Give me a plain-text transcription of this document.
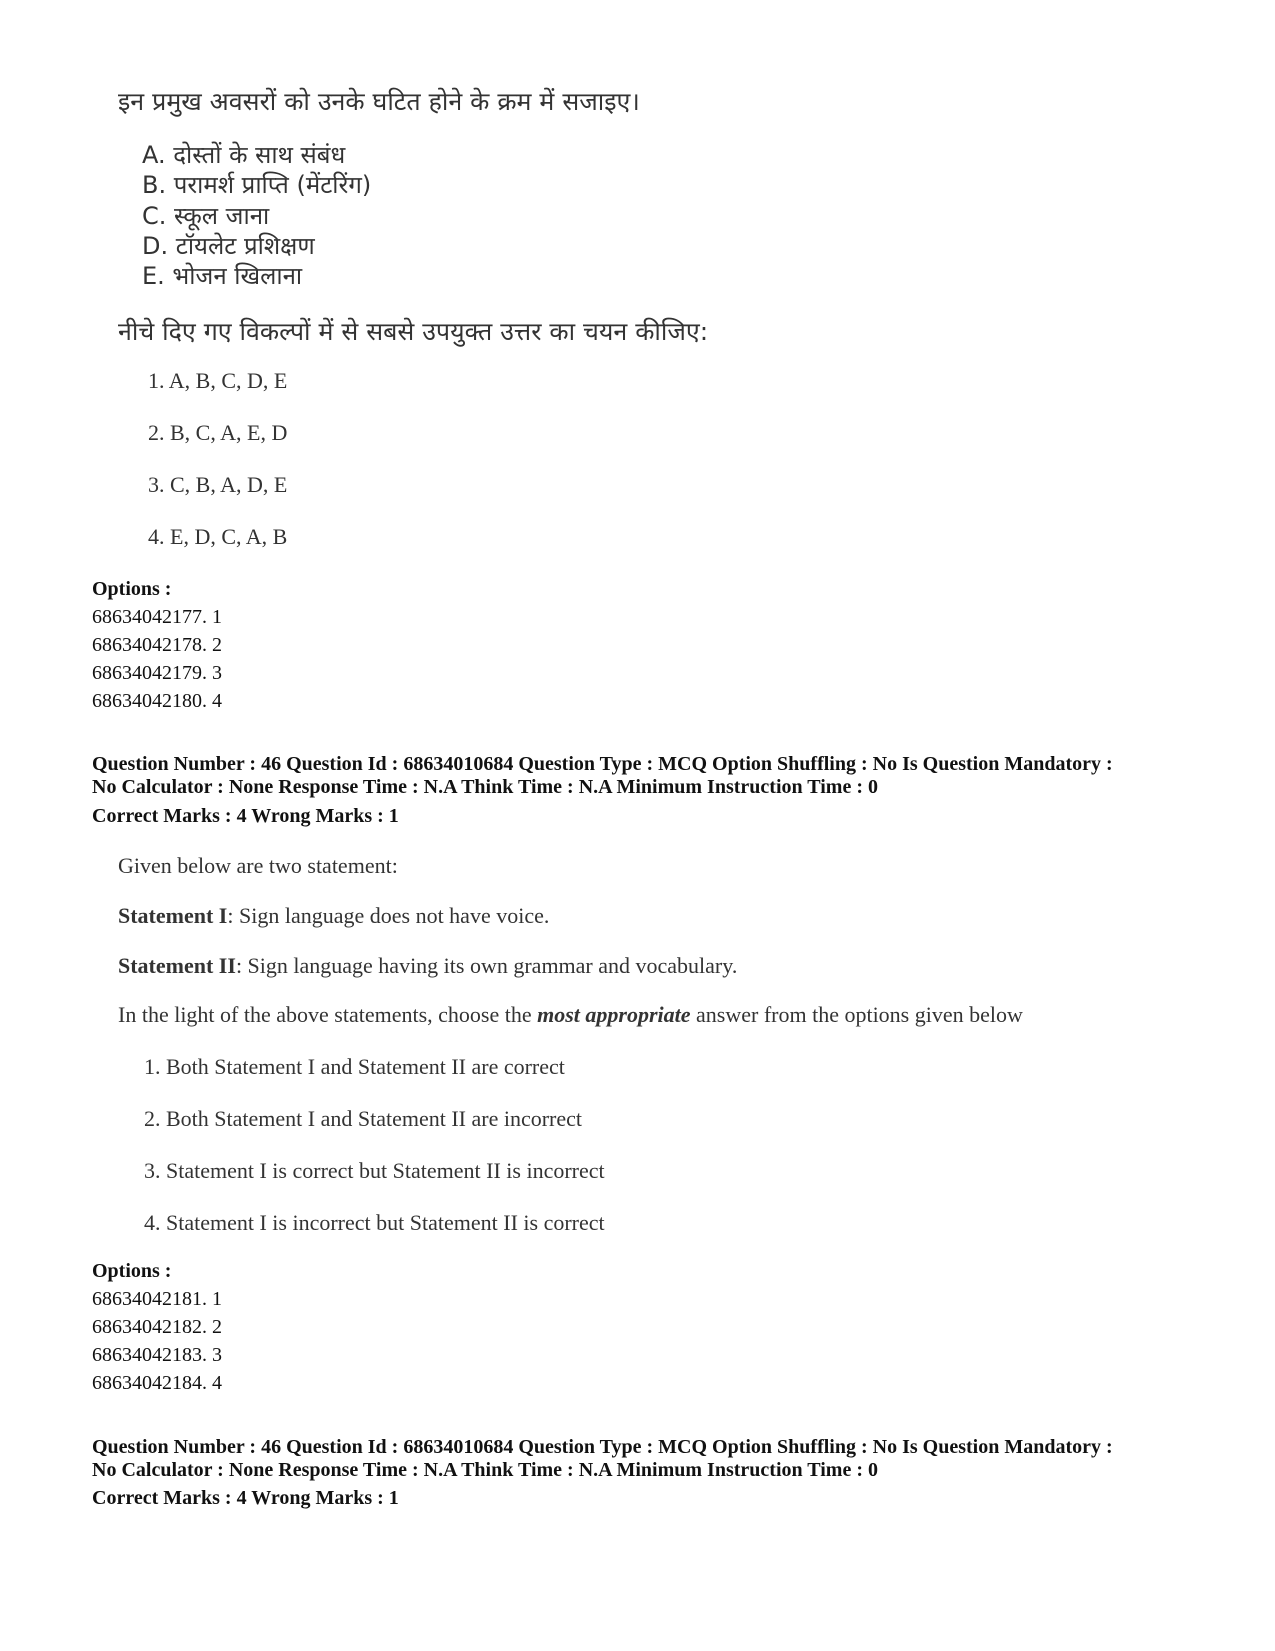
इन प्रमुख अवसरों को उनके घटित होने के क्रम में सजाइए।
A. दोस्तों के साथ संबंध
B. परामर्श प्राप्ति (मेंटरिंग)
C. स्कूल जाना
D. टॉयलेट प्रशिक्षण
E. भोजन खिलाना
नीचे दिए गए विकल्पों में से सबसे उपयुक्त उत्तर का चयन कीजिए:
1. A, B, C, D, E
2. B, C, A, E, D
3. C, B, A, D, E
4. E, D, C, A, B
Options :
68634042177. 1
68634042178. 2
68634042179. 3
68634042180. 4
Question Number : 46 Question Id : 68634010684 Question Type : MCQ Option Shuffling : No Is Question Mandatory :
No Calculator : None Response Time : N.A Think Time : N.A Minimum Instruction Time : 0
Correct Marks : 4 Wrong Marks : 1
Given below are two statement:
Statement I: Sign language does not have voice.
Statement II: Sign language having its own grammar and vocabulary.
In the light of the above statements, choose the most appropriate answer from the options given below
1. Both Statement I and Statement II are correct
2. Both Statement I and Statement II are incorrect
3. Statement I is correct but Statement II is incorrect
4. Statement I is incorrect but Statement II is correct
Options :
68634042181. 1
68634042182. 2
68634042183. 3
68634042184. 4
Question Number : 46 Question Id : 68634010684 Question Type : MCQ Option Shuffling : No Is Question Mandatory :
No Calculator : None Response Time : N.A Think Time : N.A Minimum Instruction Time : 0
Correct Marks : 4 Wrong Marks : 1
